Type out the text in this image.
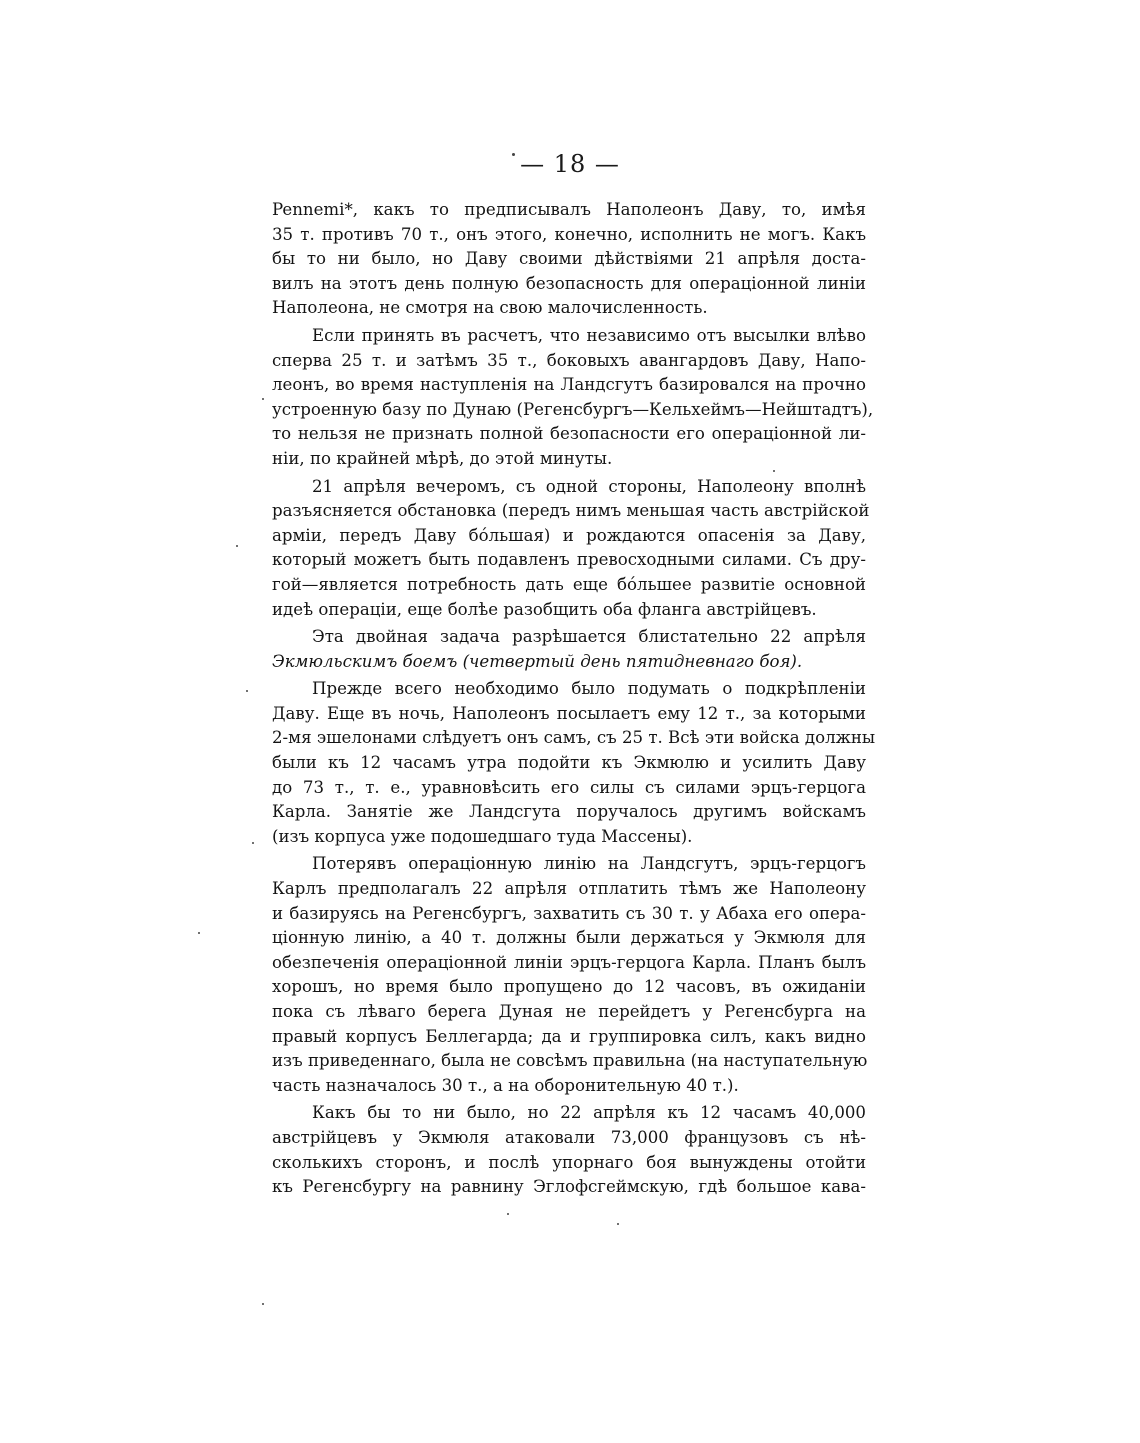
— 18 —
Pennemi*, какъ то предписывалъ Наполеонъ Даву, то, имѣя
35 т. противъ 70 т., онъ этого, конечно, исполнить не могъ. Какъ
бы то ни было, но Даву своими дѣйствіями 21 апрѣля доста-
вилъ на этотъ день полную безопасность для операціонной линіи
Наполеона, не смотря на свою малочисленность.
Если принять въ расчетъ, что независимо отъ высылки влѣво
сперва 25 т. и затѣмъ 35 т., боковыхъ авангардовъ Даву, Напо-
леонъ, во время наступленія на Ландсгутъ базировался на прочно
устроенную базу по Дунаю (Регенсбургъ—Кельхеймъ—Нейштадтъ),
то нельзя не признать полной безопасности его операціонной ли-
ніи, по крайней мѣрѣ, до этой минуты.
21 апрѣля вечеромъ, съ одной стороны, Наполеону вполнѣ
разъясняется обстановка (передъ нимъ меньшая часть австрійской
арміи, передъ Даву бóльшая) и рождаются опасенія за Даву,
который можетъ быть подавленъ превосходными силами. Съ дру-
гой—является потребность дать еще бóльшее развитіе основной
идеѣ операціи, еще болѣе разобщить оба фланга австрійцевъ.
Эта двойная задача разрѣшается блистательно 22 апрѣля
Экмюльскимъ боемъ (четвертый день пятидневнаго боя).
Прежде всего необходимо было подумать о подкрѣпленіи
Даву. Еще въ ночь, Наполеонъ посылаетъ ему 12 т., за которыми
2-мя эшелонами слѣдуетъ онъ самъ, съ 25 т. Всѣ эти войска должны
были къ 12 часамъ утра подойти къ Экмюлю и усилить Даву
до 73 т., т. е., уравновѣсить его силы съ силами эрцъ-герцога
Карла. Занятіе же Ландсгута поручалось другимъ войскамъ
(изъ корпуса уже подошедшаго туда Массены).
Потерявъ операціонную линію на Ландсгутъ, эрцъ-герцогъ
Карлъ предполагалъ 22 апрѣля отплатить тѣмъ же Наполеону
и базируясь на Регенсбургъ, захватить съ 30 т. у Абаха его опера-
ціонную линію, а 40 т. должны были держаться у Экмюля для
обезпеченія операціонной линіи эрцъ-герцога Карла. Планъ былъ
хорошъ, но время было пропущено до 12 часовъ, въ ожиданіи
пока съ лѣваго берега Дуная не перейдетъ у Регенсбурга на
правый корпусъ Беллегарда; да и группировка силъ, какъ видно
изъ приведеннаго, была не совсѣмъ правильна (на наступательную
часть назначалось 30 т., а на оборонительную 40 т.).
Какъ бы то ни было, но 22 апрѣля къ 12 часамъ 40,000
австрійцевъ у Экмюля атаковали 73,000 французовъ съ нѣ-
сколькихъ сторонъ, и послѣ упорнаго боя вынуждены отойти
къ Регенсбургу на равнину Эглофсгеймскую, гдѣ большое кава-
